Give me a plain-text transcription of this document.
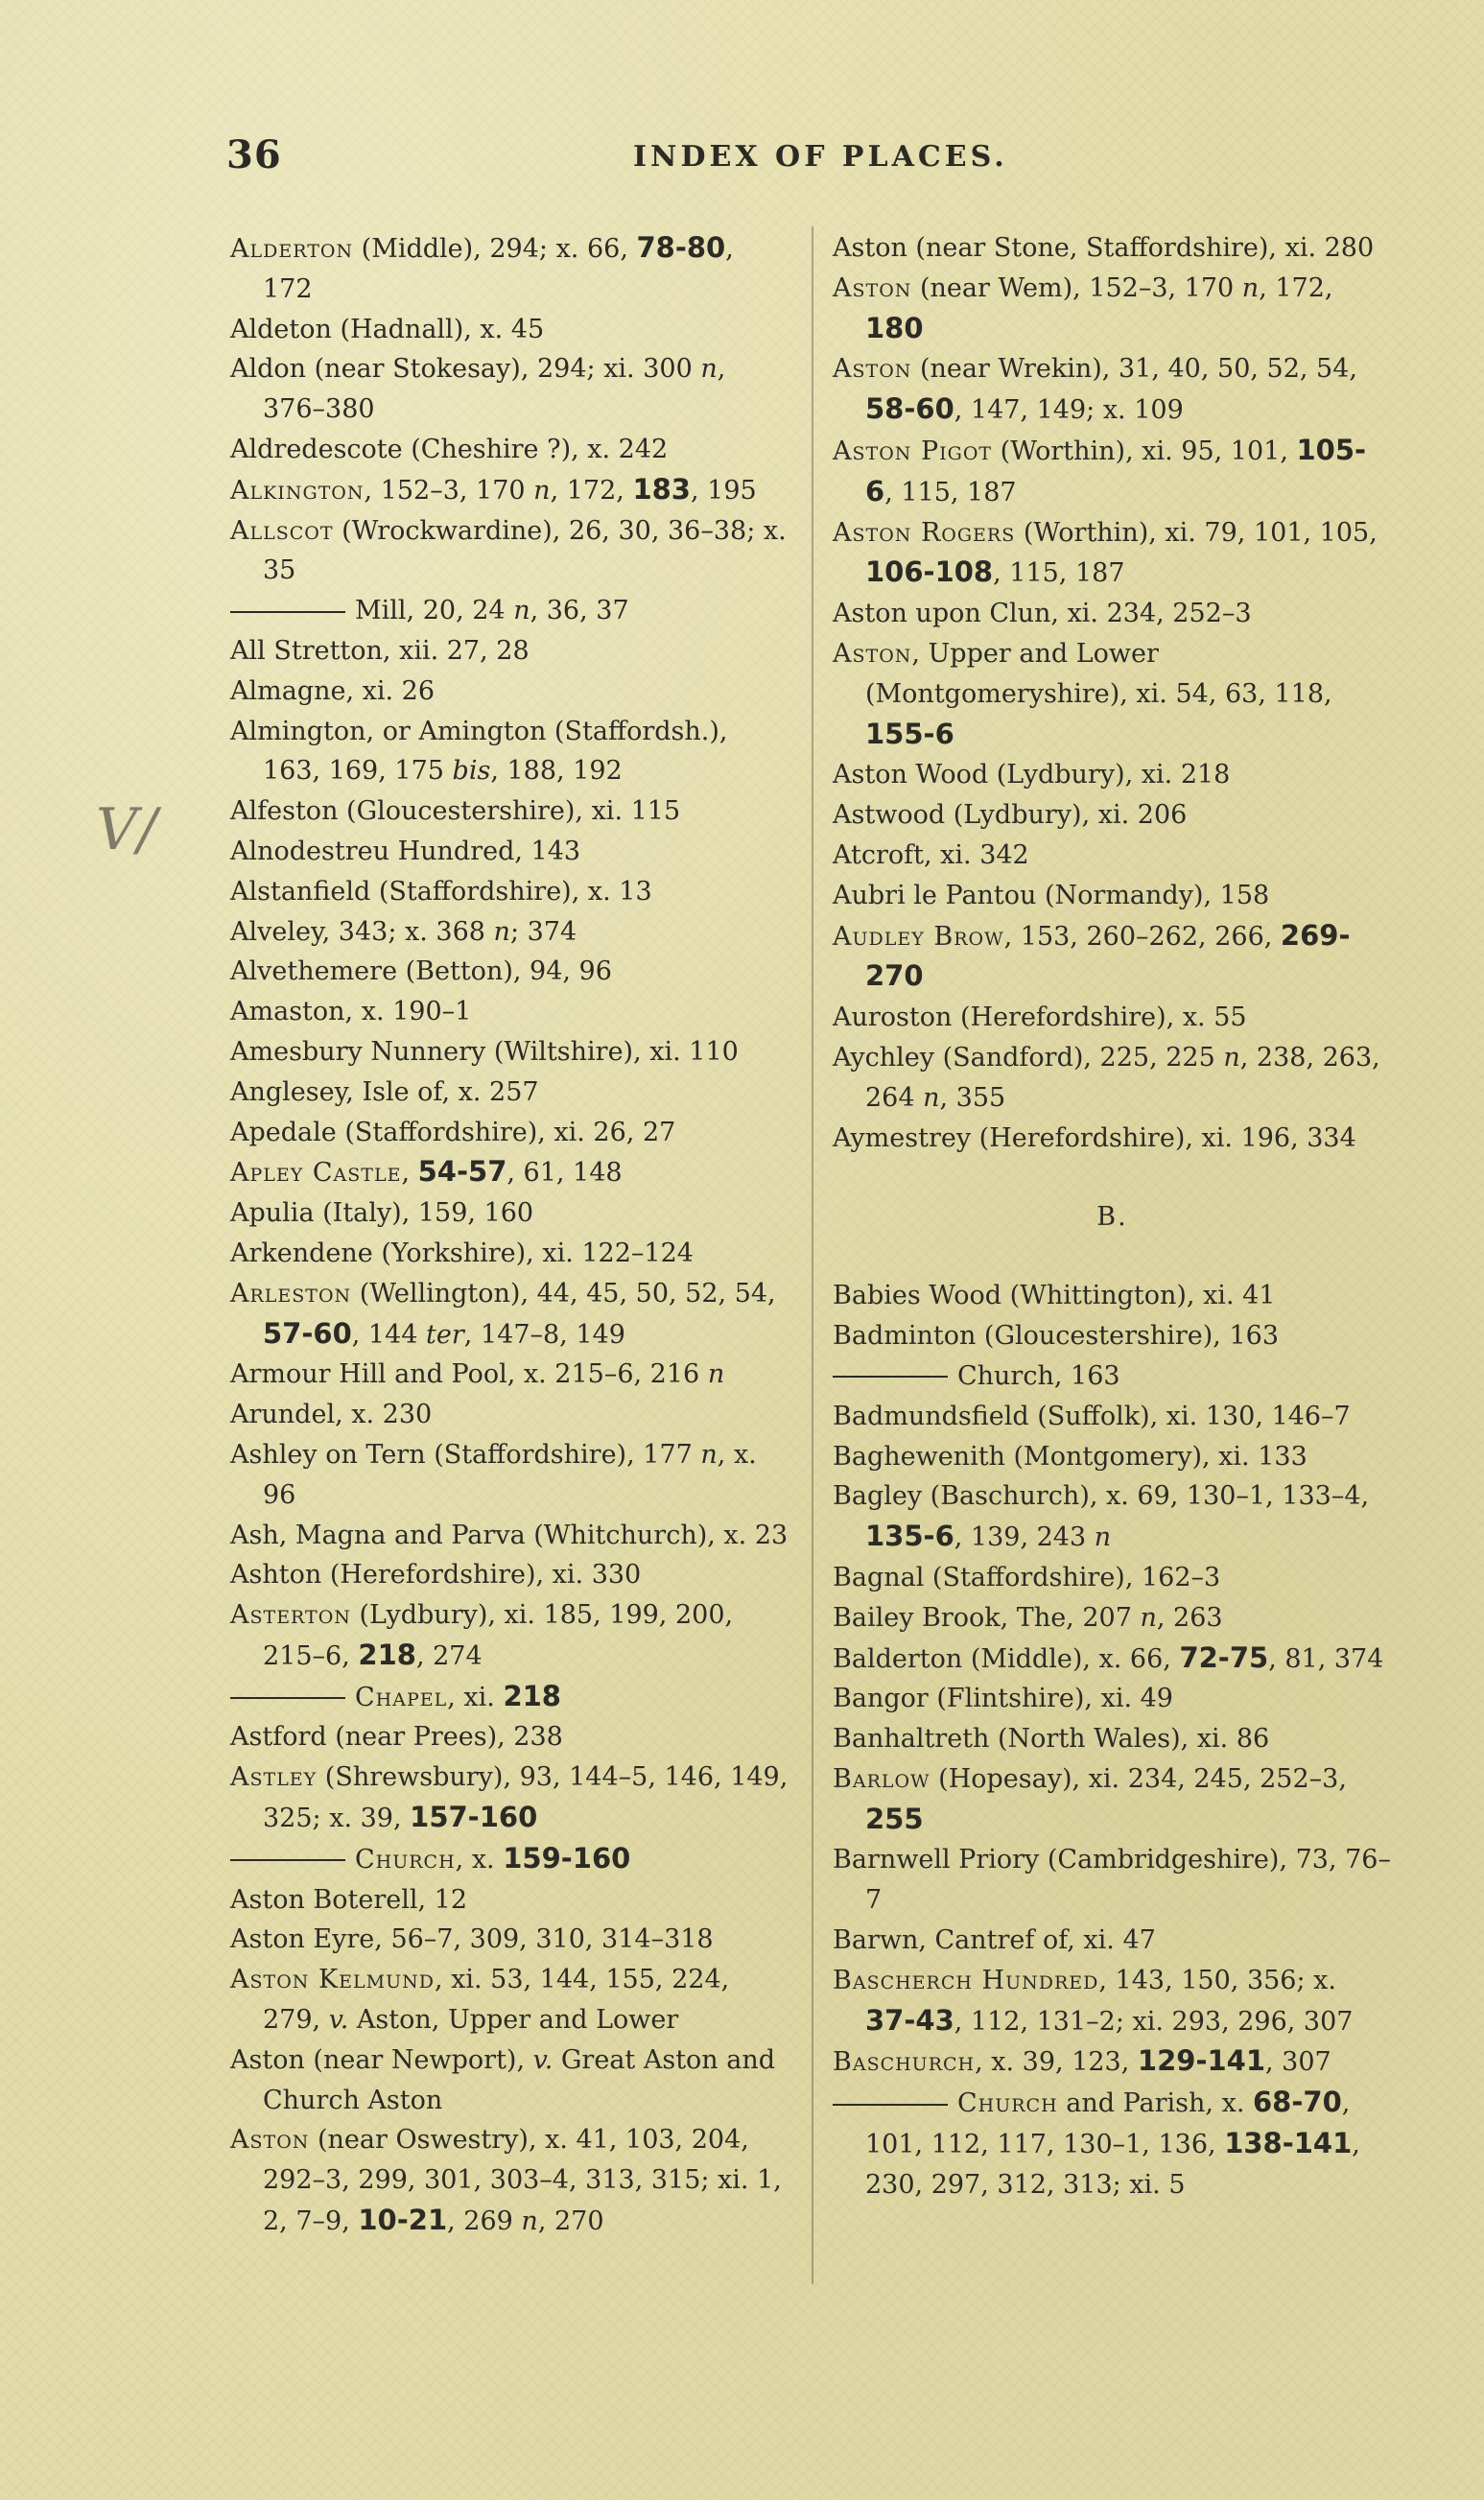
36	INDEX OF PLACES.
V/
Alderton (Middle), 294; x. 66, 78-80, 172
Aldeton (Hadnall), x. 45
Aldon (near Stokesay), 294; xi. 300 n, 376–380
Aldredescote (Cheshire ?), x. 242
Alkington, 152–3, 170 n, 172, 183, 195
Allscot (Wrockwardine), 26, 30, 36–38; x. 35
Mill, 20, 24 n, 36, 37
All Stretton, xii. 27, 28
Almagne, xi. 26
Almington, or Amington (Staffordsh.), 163, 169, 175 bis, 188, 192
Alfeston (Gloucestershire), xi. 115
Alnodestreu Hundred, 143
Alstanfield (Staffordshire), x. 13
Alveley, 343; x. 368 n; 374
Alvethemere (Betton), 94, 96
Amaston, x. 190–1
Amesbury Nunnery (Wiltshire), xi. 110
Anglesey, Isle of, x. 257
Apedale (Staffordshire), xi. 26, 27
Apley Castle, 54-57, 61, 148
Apulia (Italy), 159, 160
Arkendene (Yorkshire), xi. 122–124
Arleston (Wellington), 44, 45, 50, 52, 54, 57-60, 144 ter, 147–8, 149
Armour Hill and Pool, x. 215–6, 216 n
Arundel, x. 230
Ashley on Tern (Staffordshire), 177 n, x. 96
Ash, Magna and Parva (Whitchurch), x. 23
Ashton (Herefordshire), xi. 330
Asterton (Lydbury), xi. 185, 199, 200, 215–6, 218, 274
Chapel, xi. 218
Astford (near Prees), 238
Astley (Shrewsbury), 93, 144–5, 146, 149, 325; x. 39, 157-160
Church, x. 159-160
Aston Boterell, 12
Aston Eyre, 56–7, 309, 310, 314–318
Aston Kelmund, xi. 53, 144, 155, 224, 279, v. Aston, Upper and Lower
Aston (near Newport), v. Great Aston and Church Aston
Aston (near Oswestry), x. 41, 103, 204, 292–3, 299, 301, 303–4, 313, 315; xi. 1, 2, 7–9, 10-21, 269 n, 270
Aston (near Stone, Staffordshire), xi. 280
Aston (near Wem), 152–3, 170 n, 172, 180
Aston (near Wrekin), 31, 40, 50, 52, 54, 58-60, 147, 149; x. 109
Aston Pigot (Worthin), xi. 95, 101, 105-6, 115, 187
Aston Rogers (Worthin), xi. 79, 101, 105, 106-108, 115, 187
Aston upon Clun, xi. 234, 252–3
Aston, Upper and Lower (Montgomeryshire), xi. 54, 63, 118, 155-6
Aston Wood (Lydbury), xi. 218
Astwood (Lydbury), xi. 206
Atcroft, xi. 342
Aubri le Pantou (Normandy), 158
Audley Brow, 153, 260–262, 266, 269-270
Auroston (Herefordshire), x. 55
Aychley (Sandford), 225, 225 n, 238, 263, 264 n, 355
Aymestrey (Herefordshire), xi. 196, 334
B.
Babies Wood (Whittington), xi. 41
Badminton (Gloucestershire), 163
Church, 163
Badmundsfield (Suffolk), xi. 130, 146–7
Baghewenith (Montgomery), xi. 133
Bagley (Baschurch), x. 69, 130–1, 133–4, 135-6, 139, 243 n
Bagnal (Staffordshire), 162–3
Bailey Brook, The, 207 n, 263
Balderton (Middle), x. 66, 72-75, 81, 374
Bangor (Flintshire), xi. 49
Banhaltreth (North Wales), xi. 86
Barlow (Hopesay), xi. 234, 245, 252–3, 255
Barnwell Priory (Cambridgeshire), 73, 76–7
Barwn, Cantref of, xi. 47
Bascherch Hundred, 143, 150, 356; x. 37-43, 112, 131–2; xi. 293, 296, 307
Baschurch, x. 39, 123, 129-141, 307
Church and Parish, x. 68-70, 101, 112, 117, 130–1, 136, 138-141, 230, 297, 312, 313; xi. 5
